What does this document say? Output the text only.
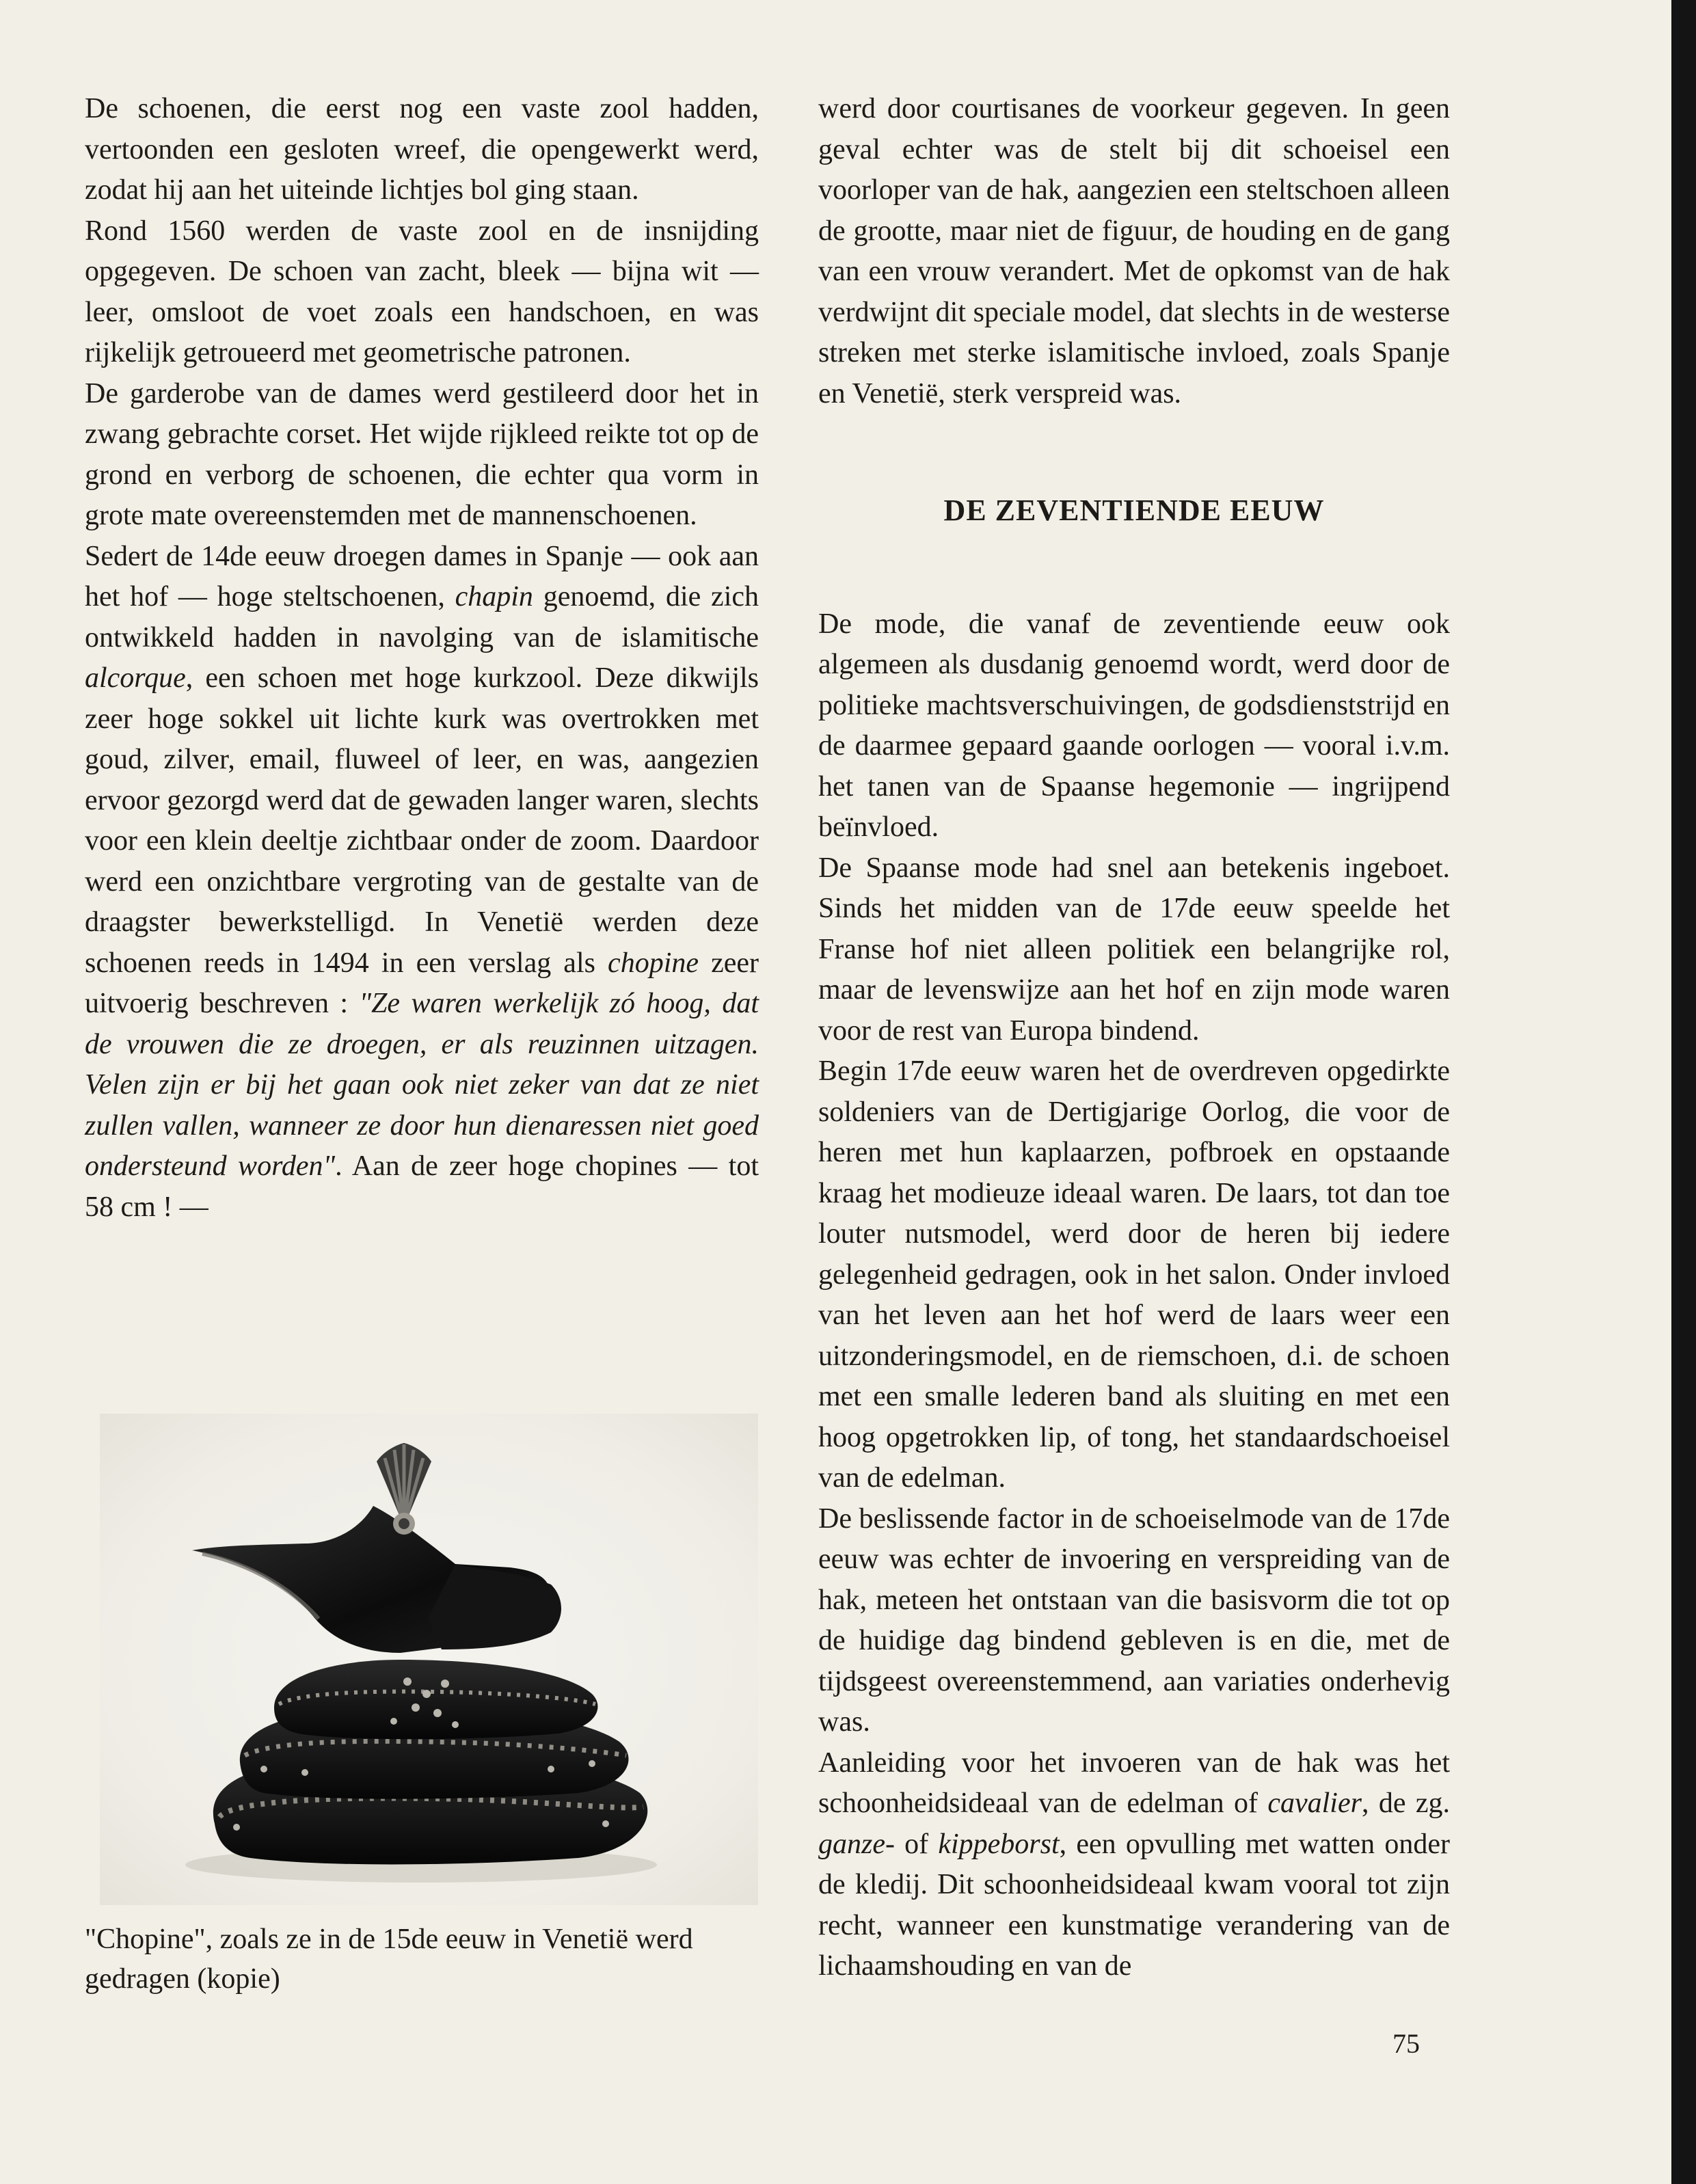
De schoenen, die eerst nog een vaste zool hadden, vertoonden een gesloten wreef, die opengewerkt werd, zodat hij aan het uiteinde lichtjes bol ging staan.

Rond 1560 werden de vaste zool en de insnijding opgegeven. De schoen van zacht, bleek — bijna wit — leer, omsloot de voet zoals een handschoen, en was rijkelijk getroueerd met geometrische patronen.

De garderobe van de dames werd gestileerd door het in zwang gebrachte corset. Het wijde rijkleed reikte tot op de grond en verborg de schoenen, die echter qua vorm in grote mate overeenstemden met de mannenschoenen.

Sedert de 14de eeuw droegen dames in Spanje — ook aan het hof — hoge steltschoenen, chapin genoemd, die zich ontwikkeld hadden in navolging van de islamitische alcorque, een schoen met hoge kurkzool. Deze dikwijls zeer hoge sokkel uit lichte kurk was overtrokken met goud, zilver, email, fluweel of leer, en was, aangezien ervoor gezorgd werd dat de gewaden langer waren, slechts voor een klein deeltje zichtbaar onder de zoom. Daardoor werd een onzichtbare vergroting van de gestalte van de draagster bewerkstelligd. In Venetië werden deze schoenen reeds in 1494 in een verslag als chopine zeer uitvoerig beschreven : "Ze waren werkelijk zó hoog, dat de vrouwen die ze droegen, er als reuzinnen uitzagen. Velen zijn er bij het gaan ook niet zeker van dat ze niet zullen vallen, wanneer ze door hun dienaressen niet goed ondersteund worden". Aan de zeer hoge chopines — tot 58 cm ! —

"Chopine", zoals ze in de 15de eeuw in Venetië werd gedragen (kopie)

werd door courtisanes de voorkeur gegeven. In geen geval echter was de stelt bij dit schoeisel een voorloper van de hak, aangezien een steltschoen alleen de grootte, maar niet de figuur, de houding en de gang van een vrouw verandert. Met de opkomst van de hak verdwijnt dit speciale model, dat slechts in de westerse streken met sterke islamitische invloed, zoals Spanje en Venetië, sterk verspreid was.

DE ZEVENTIENDE EEUW

De mode, die vanaf de zeventiende eeuw ook algemeen als dusdanig genoemd wordt, werd door de politieke machtsverschuivingen, de godsdienststrijd en de daarmee gepaard gaande oorlogen — vooral i.v.m. het tanen van de Spaanse hegemonie — ingrijpend beïnvloed.

De Spaanse mode had snel aan betekenis ingeboet. Sinds het midden van de 17de eeuw speelde het Franse hof niet alleen politiek een belangrijke rol, maar de levenswijze aan het hof en zijn mode waren voor de rest van Europa bindend.

Begin 17de eeuw waren het de overdreven opgedirkte soldeniers van de Dertigjarige Oorlog, die voor de heren met hun kaplaarzen, pofbroek en opstaande kraag het modieuze ideaal waren. De laars, tot dan toe louter nutsmodel, werd door de heren bij iedere gelegenheid gedragen, ook in het salon. Onder invloed van het leven aan het hof werd de laars weer een uitzonderingsmodel, en de riemschoen, d.i. de schoen met een smalle lederen band als sluiting en met een hoog opgetrokken lip, of tong, het standaardschoeisel van de edelman.

De beslissende factor in de schoeiselmode van de 17de eeuw was echter de invoering en verspreiding van de hak, meteen het ontstaan van die basisvorm die tot op de huidige dag bindend gebleven is en die, met de tijdsgeest overeenstemmend, aan variaties onderhevig was.

Aanleiding voor het invoeren van de hak was het schoonheidsideaal van de edelman of cavalier, de zg. ganze- of kippeborst, een opvulling met watten onder de kledij. Dit schoonheidsideaal kwam vooral tot zijn recht, wanneer een kunstmatige verandering van de lichaamshouding en van de

75
